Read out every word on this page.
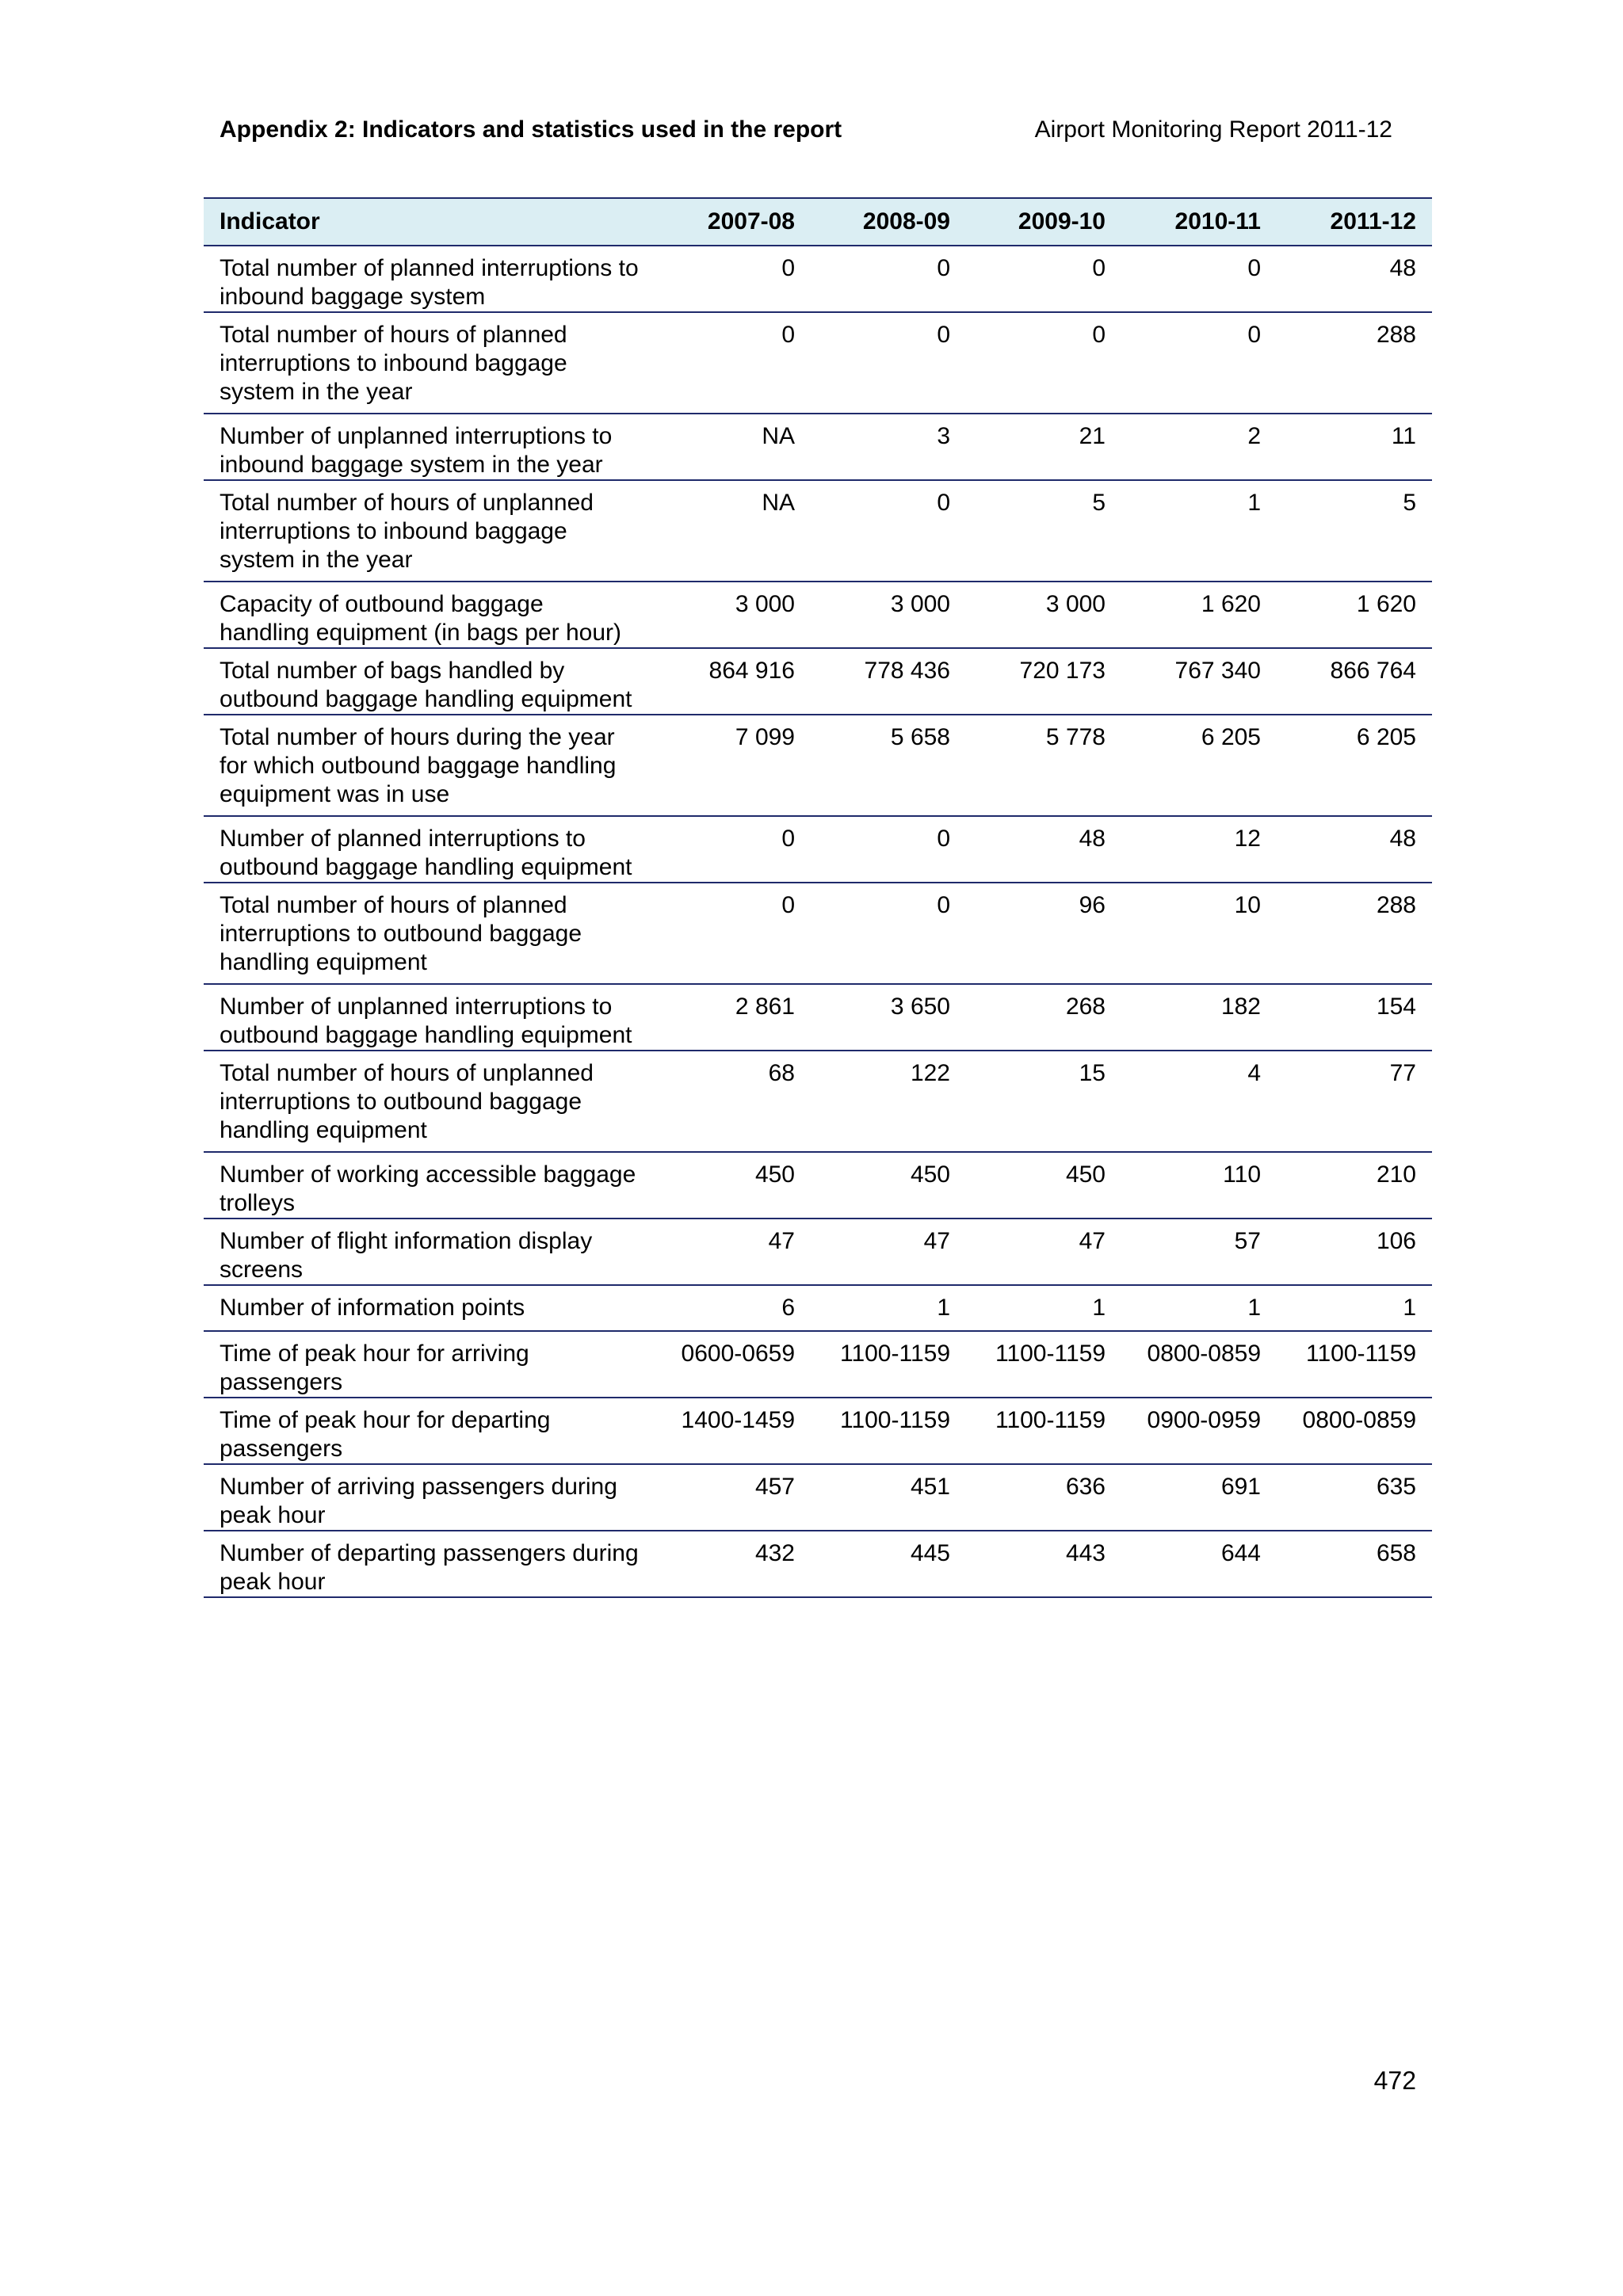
Appendix 2: Indicators and statistics used in the report	Airport Monitoring Report 2011-12
Indicator	2007-08	2008-09	2009-10	2010-11	2011-12
Total number of planned interruptions to inbound baggage system	0	0	0	0	48
Total number of hours of planned interruptions to inbound baggage system in the year	0	0	0	0	288
Number of unplanned interruptions to inbound baggage system in the year	NA	3	21	2	11
Total number of hours of unplanned interruptions to inbound baggage system in the year	NA	0	5	1	5
Capacity of outbound baggage handling equipment (in bags per hour)	3 000	3 000	3 000	1 620	1 620
Total number of bags handled by outbound baggage handling equipment	864 916	778 436	720 173	767 340	866 764
Total number of hours during the year for which outbound baggage handling equipment was in use	7 099	5 658	5 778	6 205	6 205
Number of planned interruptions to outbound baggage handling equipment	0	0	48	12	48
Total number of hours of planned interruptions to outbound baggage handling equipment	0	0	96	10	288
Number of unplanned interruptions to outbound baggage handling equipment	2 861	3 650	268	182	154
Total number of hours of unplanned interruptions to outbound baggage handling equipment	68	122	15	4	77
Number of working accessible baggage trolleys	450	450	450	110	210
Number of flight information display screens	47	47	47	57	106
Number of information points	6	1	1	1	1
Time of peak hour for arriving passengers	0600-0659	1100-1159	1100-1159	0800-0859	1100-1159
Time of peak hour for departing passengers	1400-1459	1100-1159	1100-1159	0900-0959	0800-0859
Number of arriving passengers during peak hour	457	451	636	691	635
Number of departing passengers during peak hour	432	445	443	644	658
472
